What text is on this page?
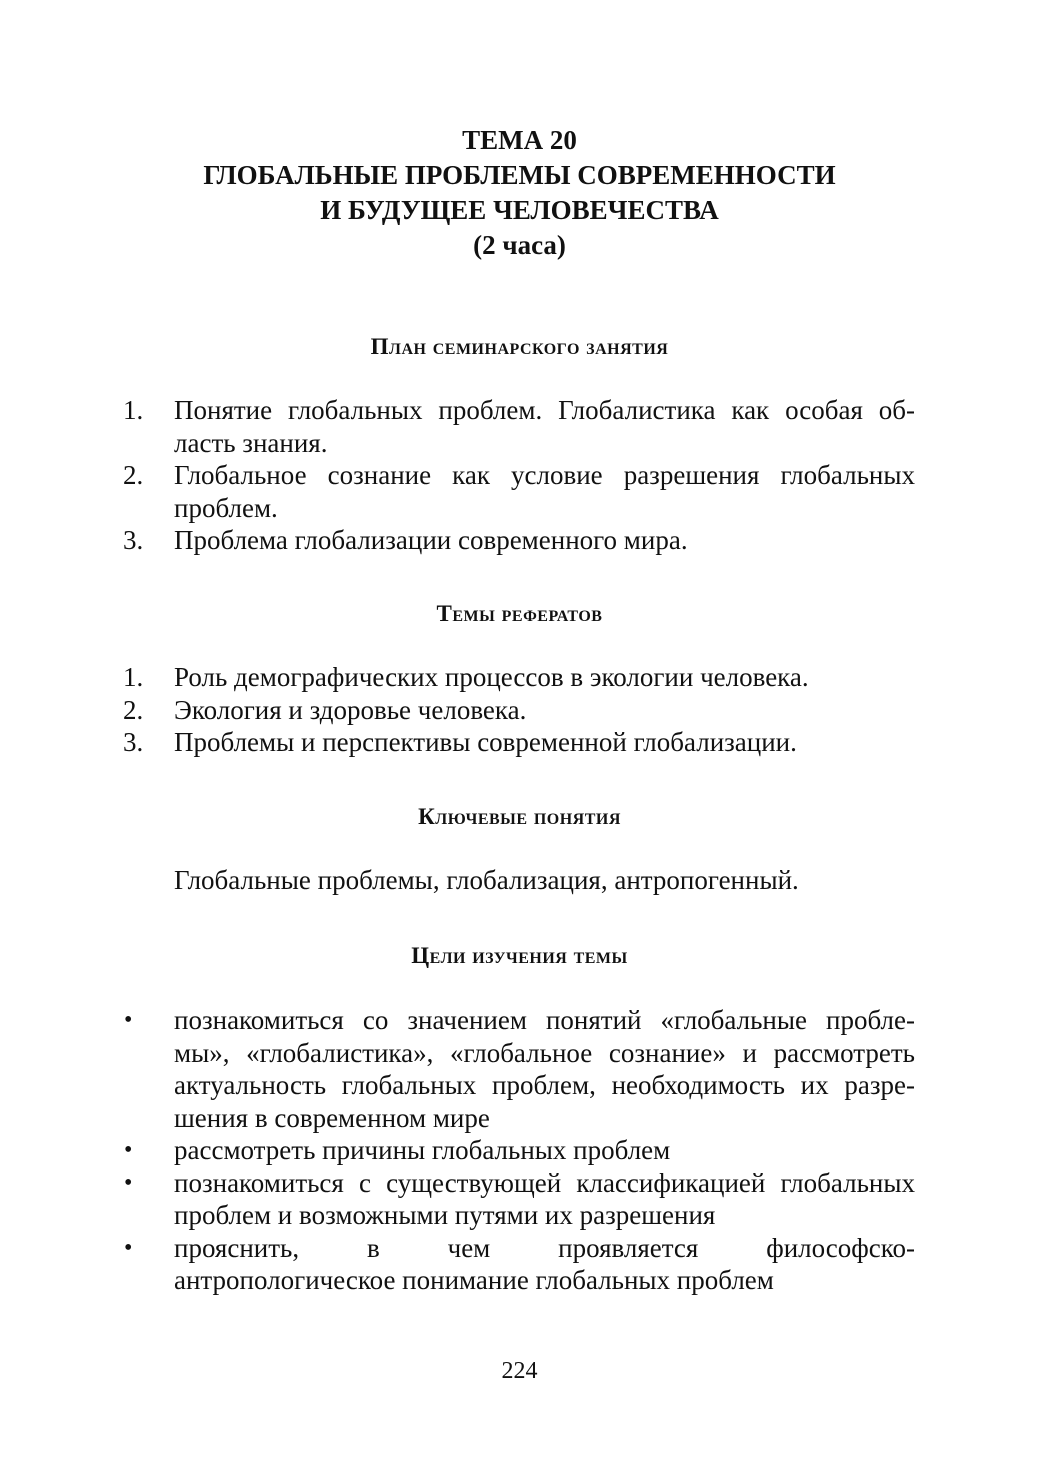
ТЕМА 20
ГЛОБАЛЬНЫЕ ПРОБЛЕМЫ СОВРЕМЕННОСТИ
И БУДУЩЕЕ ЧЕЛОВЕЧЕСТВА
(2 часа)
План семинарского занятия
1. Понятие глобальных проблем. Глобалистика как особая об-
ласть знания.
2. Глобальное сознание как условие разрешения глобальных
проблем.
3. Проблема глобализации современного мира.
Темы рефератов
1. Роль демографических процессов в экологии человека.
2. Экология и здоровье человека.
3. Проблемы и перспективы современной глобализации.
Ключевые понятия
Глобальные проблемы, глобализация, антропогенный.
Цели изучения темы
• познакомиться со значением понятий «глобальные пробле-
мы», «глобалистика», «глобальное сознание» и рассмотреть
актуальность глобальных проблем, необходимость их разре-
шения в современном мире
• рассмотреть причины глобальных проблем
• познакомиться с существующей классификацией глобальных
проблем и возможными путями их разрешения
• прояснить, в чем проявляется философско-
антропологическое понимание глобальных проблем
224
